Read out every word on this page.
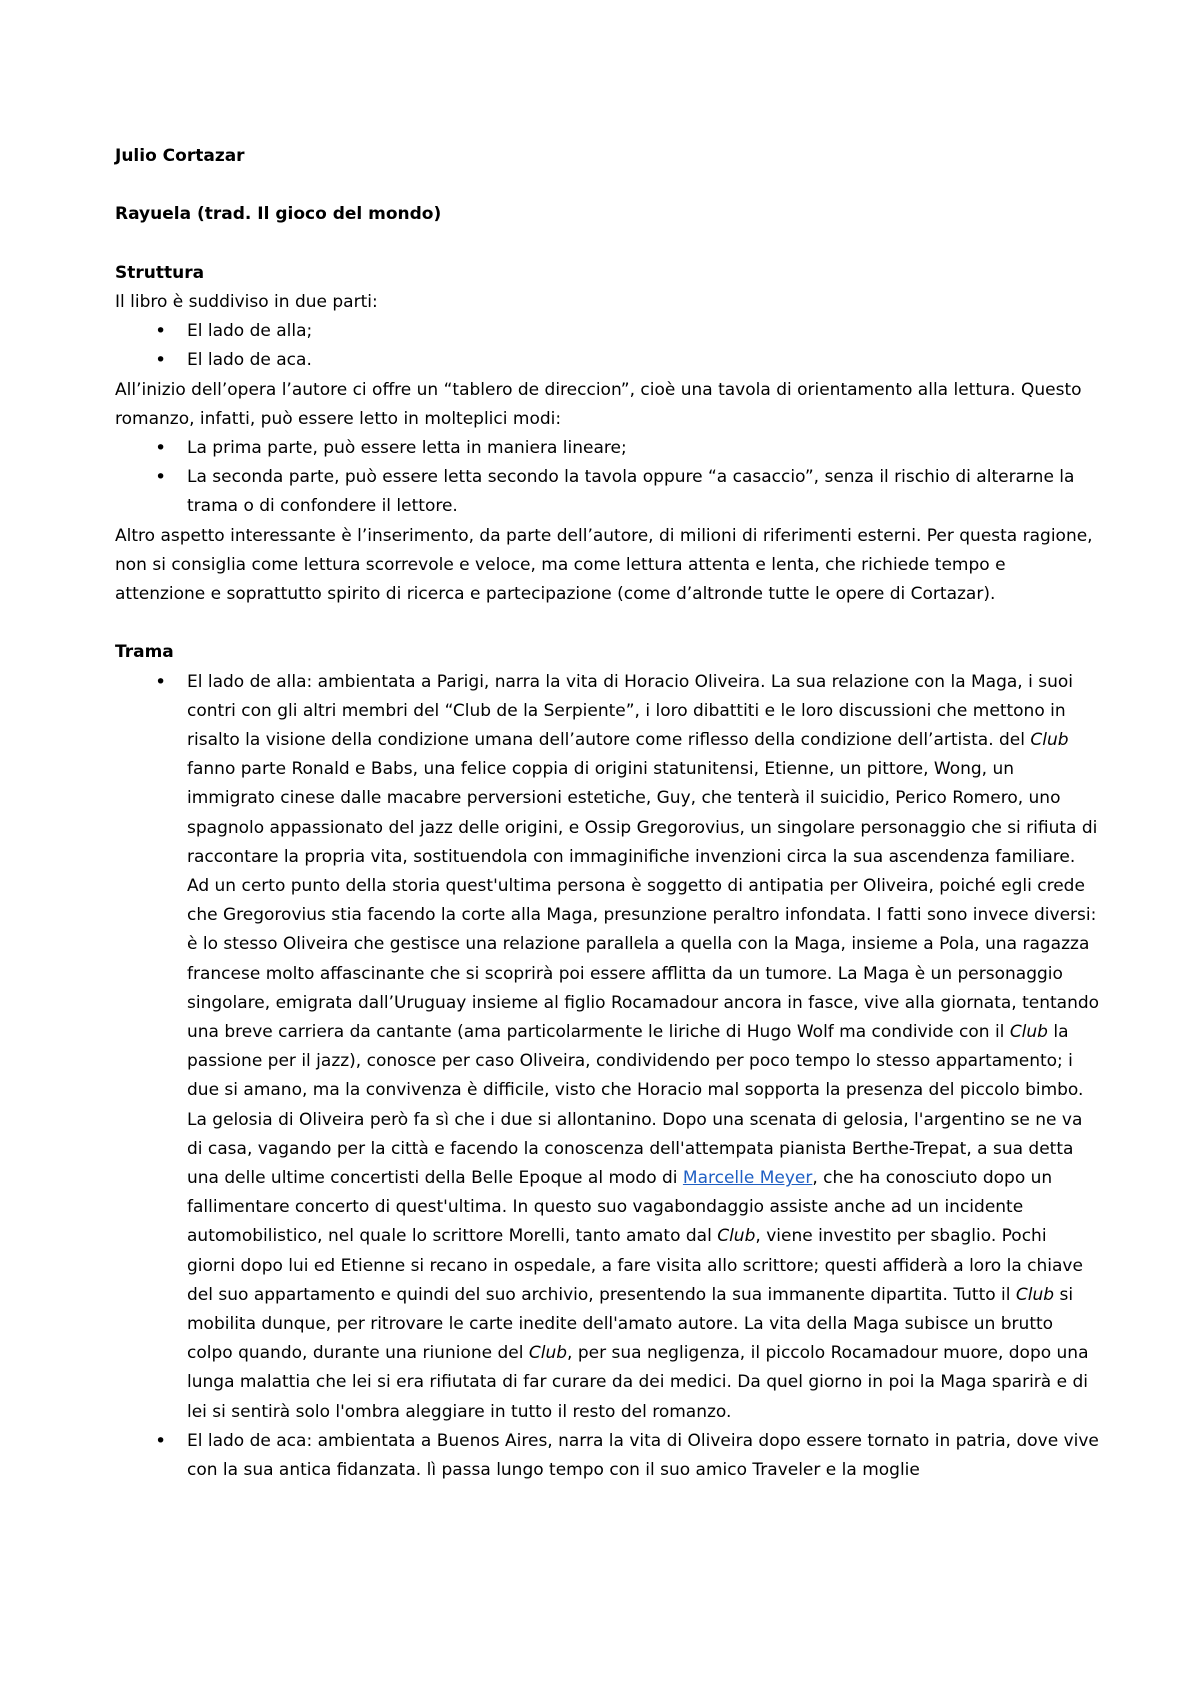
Julio Cortazar

Rayuela (trad. Il gioco del mondo)

Struttura

Il libro è suddiviso in due parti:

• El lado de alla;
• El lado de aca.

All’inizio dell’opera l’autore ci offre un “tablero de direccion”, cioè una tavola di orientamento alla lettura. Questo romanzo, infatti, può essere letto in molteplici modi:

• La prima parte, può essere letta in maniera lineare;
• La seconda parte, può essere letta secondo la tavola oppure “a casaccio”, senza il rischio di alterarne la trama o di confondere il lettore.

Altro aspetto interessante è l’inserimento, da parte dell’autore, di milioni di riferimenti esterni. Per questa ragione, non si consiglia come lettura scorrevole e veloce, ma come lettura attenta e lenta, che richiede tempo e attenzione e soprattutto spirito di ricerca e partecipazione (come d’altronde tutte le opere di Cortazar).

Trama

• El lado de alla: ambientata a Parigi, narra la vita di Horacio Oliveira. La sua relazione con la Maga, i suoi contri con gli altri membri del “Club de la Serpiente”, i loro dibattiti e le loro discussioni che mettono in risalto la visione della condizione umana dell’autore come riflesso della condizione dell’artista. del Club fanno parte Ronald e Babs, una felice coppia di origini statunitensi, Etienne, un pittore, Wong, un immigrato cinese dalle macabre perversioni estetiche, Guy, che tenterà il suicidio, Perico Romero, uno spagnolo appassionato del jazz delle origini, e Ossip Gregorovius, un singolare personaggio che si rifiuta di raccontare la propria vita, sostituendola con immaginifiche invenzioni circa la sua ascendenza familiare. Ad un certo punto della storia quest'ultima persona è soggetto di antipatia per Oliveira, poiché egli crede che Gregorovius stia facendo la corte alla Maga, presunzione peraltro infondata. I fatti sono invece diversi: è lo stesso Oliveira che gestisce una relazione parallela a quella con la Maga, insieme a Pola, una ragazza francese molto affascinante che si scoprirà poi essere afflitta da un tumore. La Maga è un personaggio singolare, emigrata dall’Uruguay insieme al figlio Rocamadour ancora in fasce, vive alla giornata, tentando una breve carriera da cantante (ama particolarmente le liriche di Hugo Wolf ma condivide con il Club la passione per il jazz), conosce per caso Oliveira, condividendo per poco tempo lo stesso appartamento; i due si amano, ma la convivenza è difficile, visto che Horacio mal sopporta la presenza del piccolo bimbo. La gelosia di Oliveira però fa sì che i due si allontanino. Dopo una scenata di gelosia, l'argentino se ne va di casa, vagando per la città e facendo la conoscenza dell'attempata pianista Berthe-Trepat, a sua detta una delle ultime concertisti della Belle Epoque al modo di Marcelle Meyer, che ha conosciuto dopo un fallimentare concerto di quest'ultima. In questo suo vagabondaggio assiste anche ad un incidente automobilistico, nel quale lo scrittore Morelli, tanto amato dal Club, viene investito per sbaglio. Pochi giorni dopo lui ed Etienne si recano in ospedale, a fare visita allo scrittore; questi affiderà a loro la chiave del suo appartamento e quindi del suo archivio, presentendo la sua immanente dipartita. Tutto il Club si mobilita dunque, per ritrovare le carte inedite dell'amato autore. La vita della Maga subisce un brutto colpo quando, durante una riunione del Club, per sua negligenza, il piccolo Rocamadour muore, dopo una lunga malattia che lei si era rifiutata di far curare da dei medici. Da quel giorno in poi la Maga sparirà e di lei si sentirà solo l'ombra aleggiare in tutto il resto del romanzo.
• El lado de aca: ambientata a Buenos Aires, narra la vita di Oliveira dopo essere tornato in patria, dove vive con la sua antica fidanzata. lì passa lungo tempo con il suo amico Traveler e la moglie
